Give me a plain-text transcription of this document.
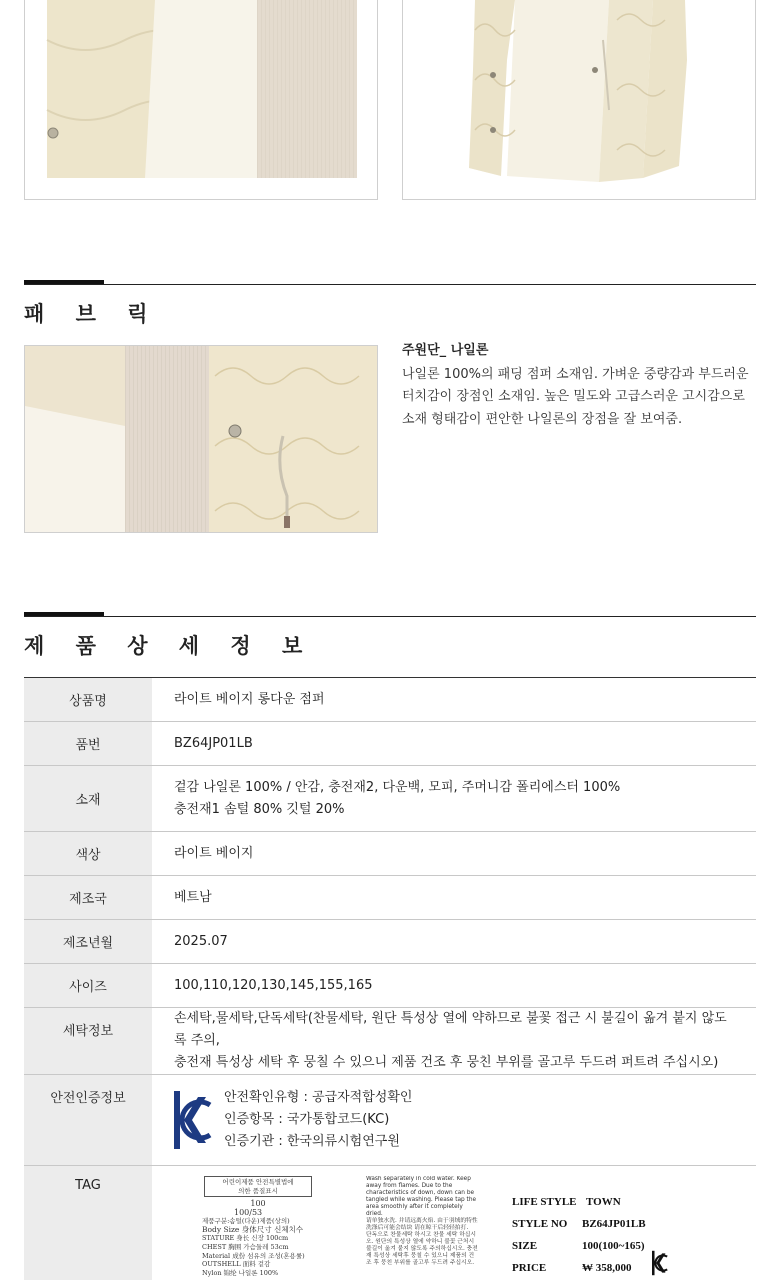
패 브 릭
주원단_ 나일론
나일론 100%의 패딩 점퍼 소재임. 가벼운 중량감과 부드러운 터치감이 장점인 소재임. 높은 밀도와 고급스러운 고시감으로 소재 형태감이 편안한 나일론의 장점을 잘 보여줌.
제 품 상 세 정 보
상품명	라이트 베이지 롱다운 점퍼
품번	BZ64JP01LB
소재	겉감 나일론 100% / 안감, 충전재2, 다운백, 모피, 주머니감 폴리에스터 100%
충전재1 솜털 80% 깃털 20%

색상	라이트 베이지
제조국	베트남
제조년월	2025.07
사이즈	100,110,120,130,145,155,165
세탁정보	손세탁,물세탁,단독세탁(찬물세탁, 원단 특성상 열에 약하므로 불꽃 접근 시 불길이 옮겨 붙지 않도록 주의,
충전재 특성상 세탁 후 뭉칠 수 있으니 제품 건조 후 뭉친 부위를 골고루 두드려 퍼트려 주십시오)

안전인증정보	안전확인유형 : 공급자적합성확인
인증항목 : 국가통합코드(KC)
인증기관 : 한국의류시험연구원

TAG		어린이제품 안전특별법에
의한 품질표시
100
100/53
제품구분:솜털(다운)제품(상의)
Body Size 身体尺寸 신체치수
STATURE 身长 신장 100cm
CHEST 胸围 가슴둘레 53cm
Material 成份 섬유의 조성(혼용률)
OUTSHELL 面料 겉감
Nylon 锦纶 나일론 100%
Wash separately in cold water. Keep away from flames. Due to the characteristics of down, down can be tangled while washing. Please tap the area smoothly after it completely dried.
请单独水洗. 并请远离火焰. 由于羽绒的特性 洗涤后可能会结块 请在晾干后轻轻拍打.
단독으로 찬물세탁 하시고 찬물 세탁 하십시오. 원단의 특성상 열에 약하니 불꽃 근처시 불길이 옮겨 붙지 않도록 주의하십시오. 충전재 특성상 세탁후 뭉칠 수 있으니 제품의 건조 후 뭉친 부위를 골고루 두드려 주십시오.
LIFE STYLE TOWN
STYLE NO BZ64JP01LB
SIZE	100(100~165)
PRICE	₩ 358,000
